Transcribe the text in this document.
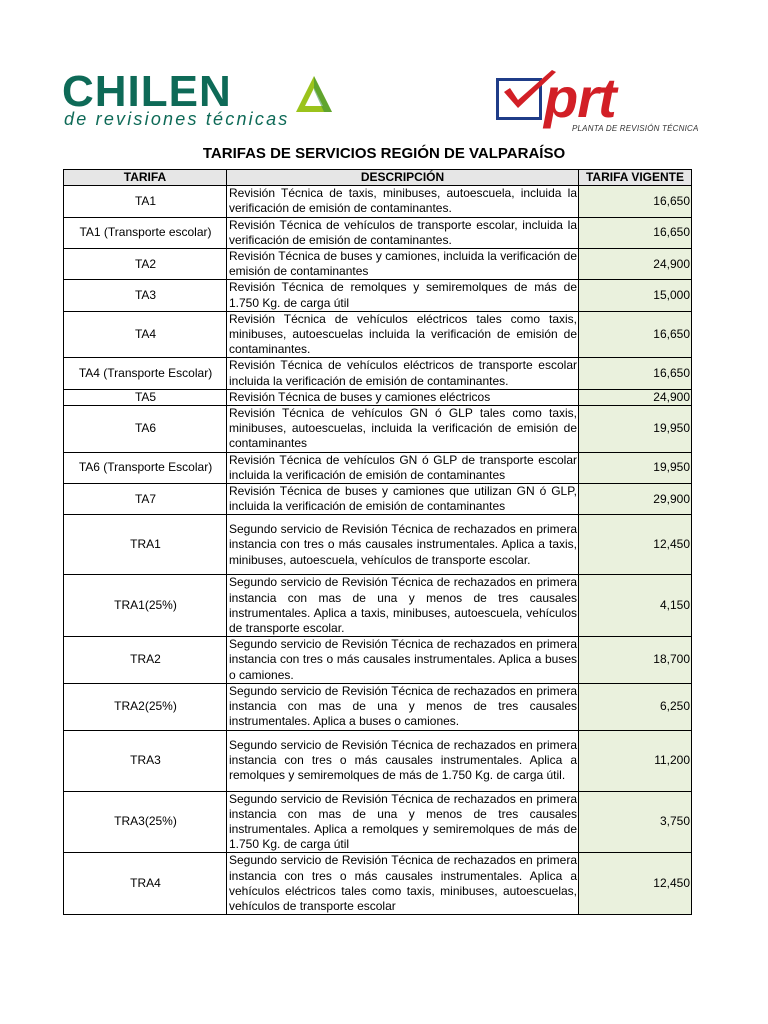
CHILEN
de revisiones técnicas	prt
PLANTA DE REVISIÓN TÉCNICA
TARIFAS DE SERVICIOS REGIÓN DE VALPARAÍSO
TARIFA	DESCRIPCIÓN	TARIFA VIGENTE
TA1	Revisión Técnica de taxis, minibuses, autoescuela, incluida la verificación de emisión de contaminantes.	16,650
TA1 (Transporte escolar)	Revisión Técnica de vehículos de transporte escolar, incluida la verificación de emisión de contaminantes.	16,650
TA2	Revisión Técnica de buses y camiones, incluida la verificación de emisión de contaminantes	24,900
TA3	Revisión Técnica de remolques y semiremolques de más de 1.750 Kg. de carga útil	15,000
TA4	Revisión Técnica de vehículos eléctricos tales como taxis, minibuses, autoescuelas incluida la verificación de emisión de contaminantes.	16,650
TA4 (Transporte Escolar)	Revisión Técnica de vehículos eléctricos de transporte escolar incluida la verificación de emisión de contaminantes.	16,650
TA5	Revisión Técnica de buses y camiones eléctricos	24,900
TA6	Revisión Técnica de vehículos GN ó GLP tales como taxis, minibuses, autoescuelas, incluida la verificación de emisión de contaminantes	19,950
TA6 (Transporte Escolar)	Revisión Técnica de vehículos GN ó GLP de transporte escolar incluida la verificación de emisión de contaminantes	19,950
TA7	Revisión Técnica de buses y camiones que utilizan GN ó GLP, incluida la verificación de emisión de contaminantes	29,900
TRA1	Segundo servicio de Revisión Técnica de rechazados en primera instancia con tres o más causales instrumentales. Aplica a taxis, minibuses, autoescuela, vehículos de transporte escolar.	12,450
TRA1(25%)	Segundo servicio de Revisión Técnica de rechazados en primera instancia con mas de una y menos de tres causales instrumentales. Aplica a taxis, minibuses, autoescuela, vehículos de transporte escolar.	4,150
TRA2	Segundo servicio de Revisión Técnica de rechazados en primera instancia con tres o más causales instrumentales. Aplica a buses o camiones.	18,700
TRA2(25%)	Segundo servicio de Revisión Técnica de rechazados en primera instancia con mas de una y menos de tres causales instrumentales. Aplica a buses o camiones.	6,250
TRA3	Segundo servicio de Revisión Técnica de rechazados en primera instancia con tres o más causales instrumentales. Aplica a remolques y semiremolques de más de 1.750 Kg. de carga útil.	11,200
TRA3(25%)	Segundo servicio de Revisión Técnica de rechazados en primera instancia con mas de una y menos de tres causales instrumentales. Aplica a remolques y semiremolques de más de 1.750 Kg. de carga útil	3,750
TRA4	Segundo servicio de Revisión Técnica de rechazados en primera instancia con tres o más causales instrumentales. Aplica a vehículos eléctricos tales como taxis, minibuses, autoescuelas, vehículos de transporte escolar	12,450
